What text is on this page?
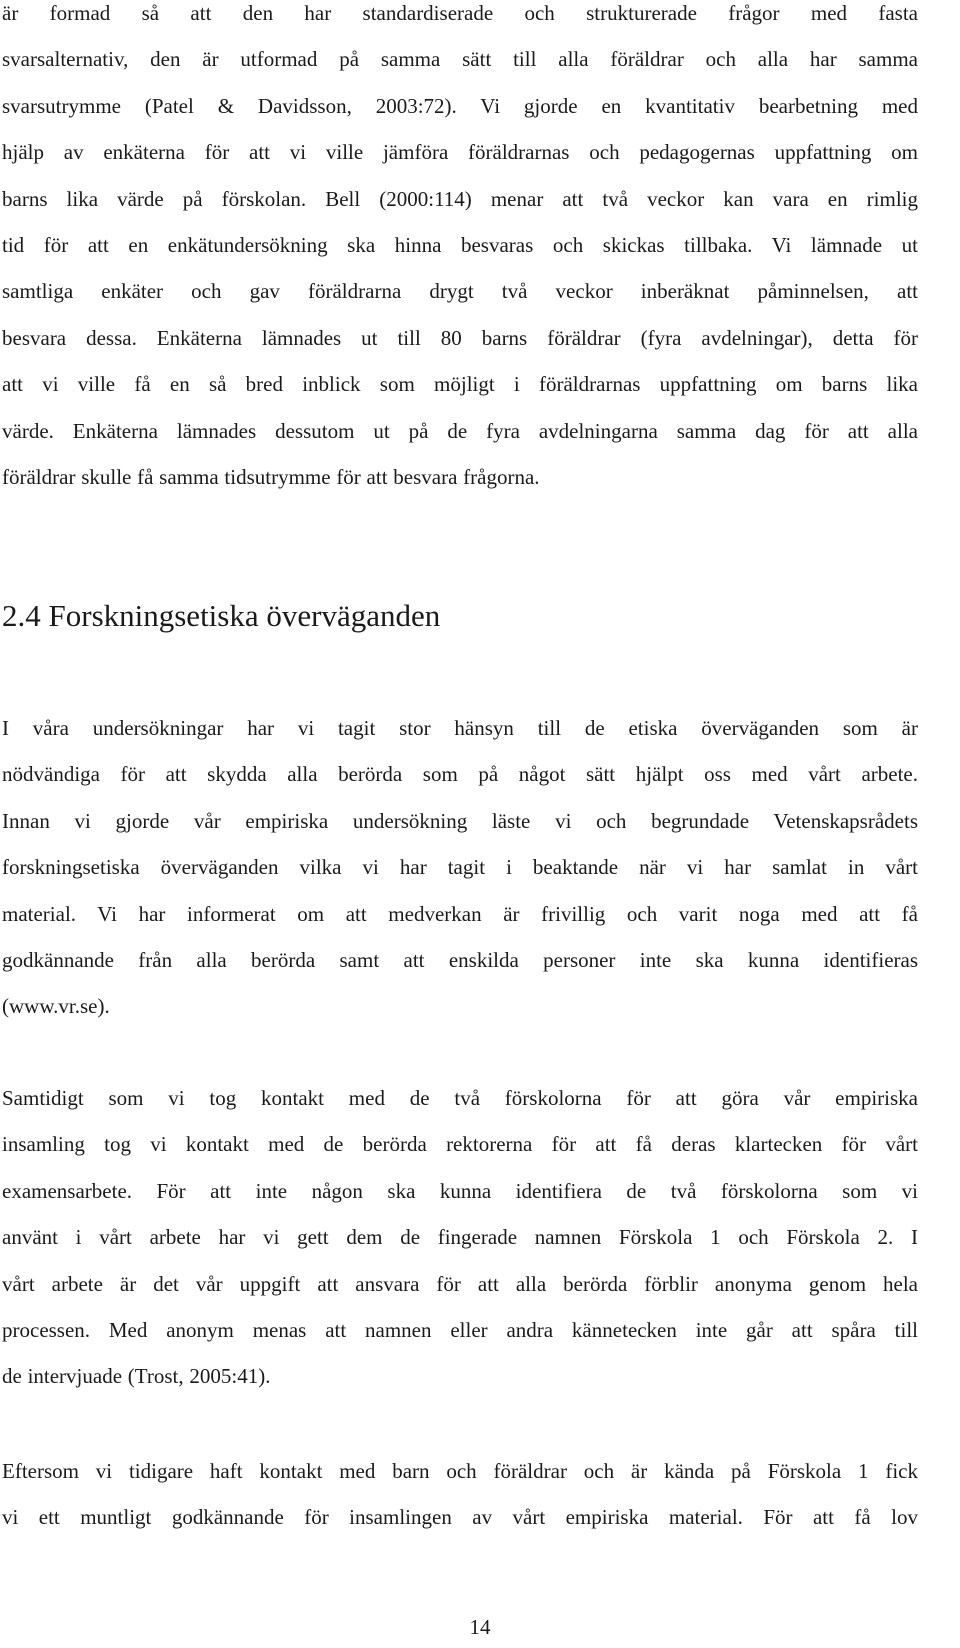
är formad så att den har standardiserade och strukturerade frågor med fasta
svarsalternativ, den är utformad på samma sätt till alla föräldrar och alla har samma
svarsutrymme (Patel & Davidsson, 2003:72). Vi gjorde en kvantitativ bearbetning med
hjälp av enkäterna för att vi ville jämföra föräldrarnas och pedagogernas uppfattning om
barns lika värde på förskolan. Bell (2000:114) menar att två veckor kan vara en rimlig
tid för att en enkätundersökning ska hinna besvaras och skickas tillbaka. Vi lämnade ut
samtliga enkäter och gav föräldrarna drygt två veckor inberäknat påminnelsen, att
besvara dessa. Enkäterna lämnades ut till 80 barns föräldrar (fyra avdelningar), detta för
att vi ville få en så bred inblick som möjligt i föräldrarnas uppfattning om barns lika
värde. Enkäterna lämnades dessutom ut på de fyra avdelningarna samma dag för att alla
föräldrar skulle få samma tidsutrymme för att besvara frågorna.

2.4 Forskningsetiska överväganden

I våra undersökningar har vi tagit stor hänsyn till de etiska överväganden som är
nödvändiga för att skydda alla berörda som på något sätt hjälpt oss med vårt arbete.
Innan vi gjorde vår empiriska undersökning läste vi och begrundade Vetenskapsrådets
forskningsetiska överväganden vilka vi har tagit i beaktande när vi har samlat in vårt
material. Vi har informerat om att medverkan är frivillig och varit noga med att få
godkännande från alla berörda samt att enskilda personer inte ska kunna identifieras
(www.vr.se).

Samtidigt som vi tog kontakt med de två förskolorna för att göra vår empiriska
insamling tog vi kontakt med de berörda rektorerna för att få deras klartecken för vårt
examensarbete. För att inte någon ska kunna identifiera de två förskolorna som vi
använt i vårt arbete har vi gett dem de fingerade namnen Förskola 1 och Förskola 2. I
vårt arbete är det vår uppgift att ansvara för att alla berörda förblir anonyma genom hela
processen. Med anonym menas att namnen eller andra kännetecken inte går att spåra till
de intervjuade (Trost, 2005:41).

Eftersom vi tidigare haft kontakt med barn och föräldrar och är kända på Förskola 1 fick
vi ett muntligt godkännande för insamlingen av vårt empiriska material. För att få lov

14
